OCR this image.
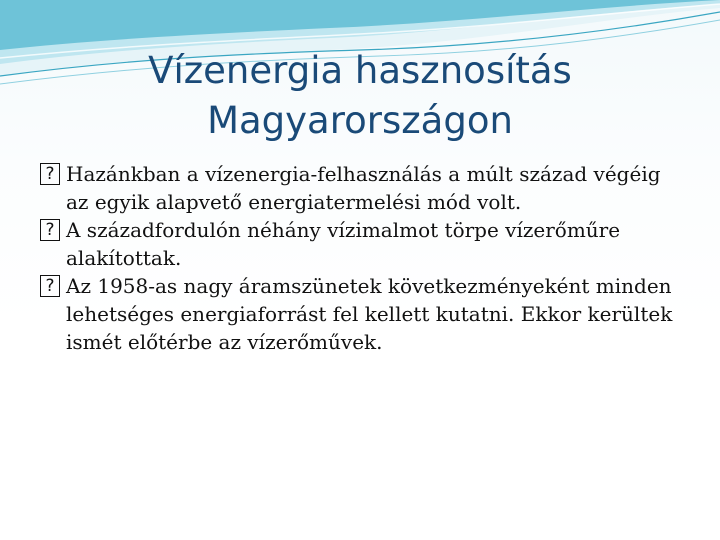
Vízenergia hasznosítás
Magyarországon
? Hazánkban a vízenergia-felhasználás a múlt század végéig az egyik alapvető energiatermelési mód volt.
? A századfordulón néhány vízimalmot törpe vízerőműre alakítottak.
? Az 1958-as nagy áramszünetek következményeként minden lehetséges energiaforrást fel kellett kutatni. Ekkor kerültek ismét előtérbe az vízerőművek.
